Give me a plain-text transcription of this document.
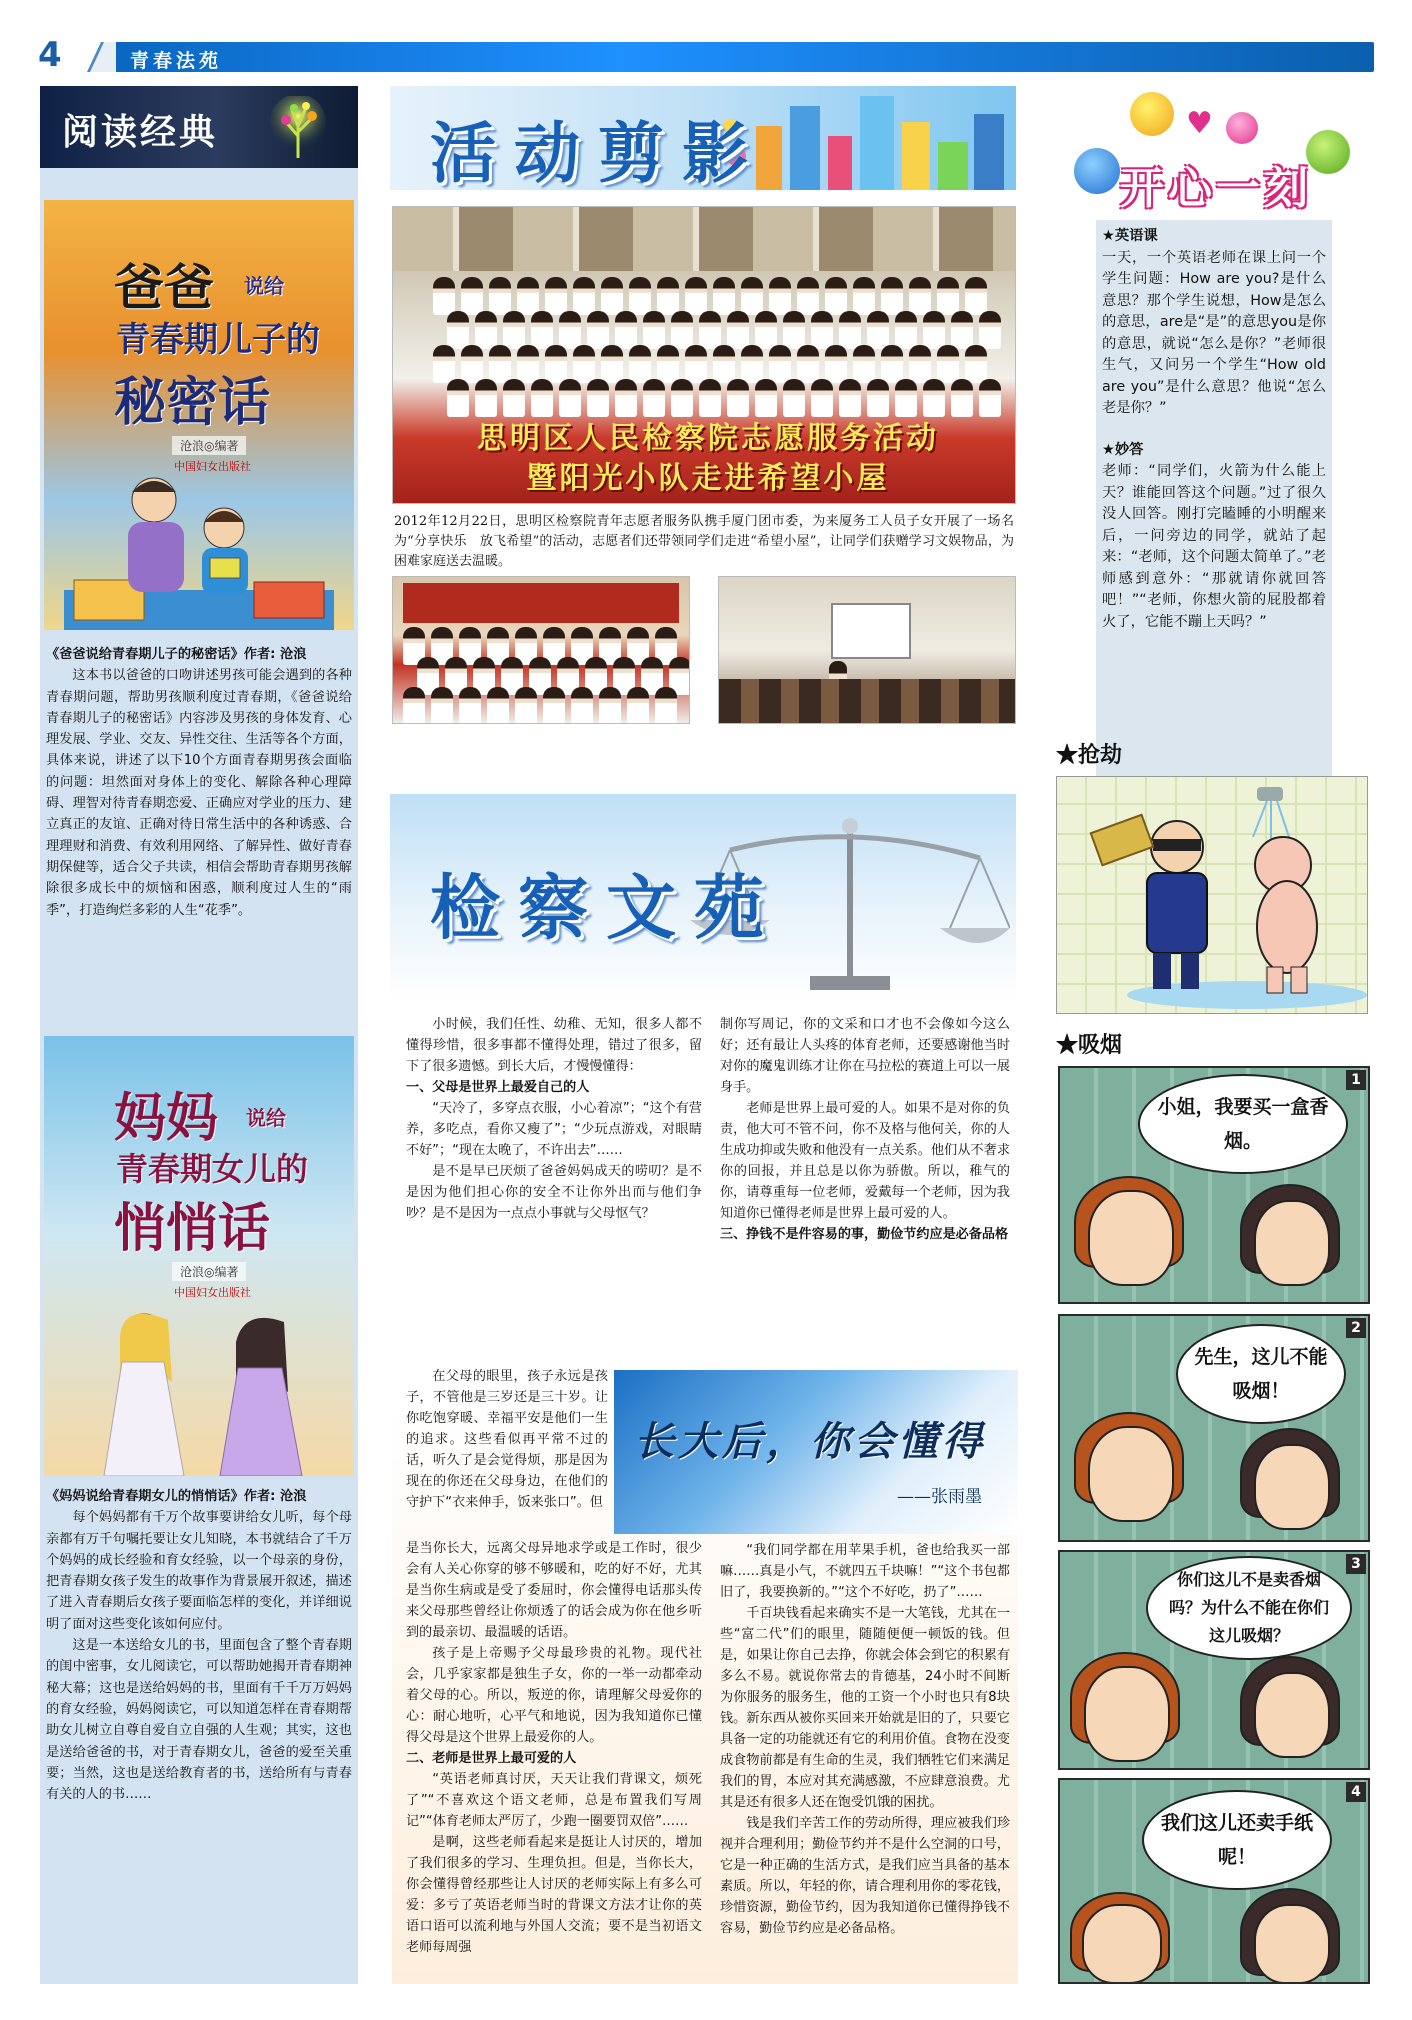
4	青春法苑
阅读经典
爸爸 说给
青春期儿子的
秘密话
沧浪◎编著
中国妇女出版社
《爸爸说给青春期儿子的秘密话》作者: 沧浪

这本书以爸爸的口吻讲述男孩可能会遇到的各种青春期问题，帮助男孩顺利度过青春期，《爸爸说给青春期儿子的秘密话》内容涉及男孩的身体发育、心理发展、学业、交友、异性交往、生活等各个方面，具体来说，讲述了以下10个方面青春期男孩会面临的问题：坦然面对身体上的变化、解除各种心理障碍、理智对待青春期恋爱、正确应对学业的压力、建立真正的友谊、正确对待日常生活中的各种诱惑、合理理财和消费、有效利用网络、了解异性、做好青春期保健等，适合父子共读，相信会帮助青春期男孩解除很多成长中的烦恼和困惑，顺利度过人生的“雨季”，打造绚烂多彩的人生“花季”。

妈妈 说给
青春期女儿的
悄悄话
沧浪◎编著
中国妇女出版社
《妈妈说给青春期女儿的悄悄话》作者: 沧浪

每个妈妈都有千万个故事要讲给女儿听，每个母亲都有万千句嘱托要让女儿知晓，本书就结合了千万个妈妈的成长经验和育女经验，以一个母亲的身份，把青春期女孩子发生的故事作为背景展开叙述，描述了进入青春期后女孩子要面临怎样的变化，并详细说明了面对这些变化该如何应付。

这是一本送给女儿的书，里面包含了整个青春期的闺中密事，女儿阅读它，可以帮助她揭开青春期神秘大幕；这也是送给妈妈的书，里面有千千万万妈妈的育女经验，妈妈阅读它，可以知道怎样在青春期帮助女儿树立自尊自爱自立自强的人生观；其实，这也是送给爸爸的书，对于青春期女儿，爸爸的爱至关重要；当然，这也是送给教育者的书，送给所有与青春有关的人的书……

活动剪影
思明区人民检察院志愿服务活动
暨阳光小队走进希望小屋
2012年12月22日，思明区检察院青年志愿者服务队携手厦门团市委，为来厦务工人员子女开展了一场名为“分享快乐　放飞希望”的活动，志愿者们还带领同学们走进“希望小屋”，让同学们获赠学习文娱物品，为困难家庭送去温暖。
检察文苑

小时候，我们任性、幼稚、无知，很多人都不懂得珍惜，很多事都不懂得处理，错过了很多，留下了很多遗憾。到长大后，才慢慢懂得：

一、父母是世界上最爱自己的人

“天冷了，多穿点衣服，小心着凉”；“这个有营养，多吃点，看你又瘦了”；“少玩点游戏，对眼睛不好”；“现在太晚了，不许出去”……

是不是早已厌烦了爸爸妈妈成天的唠叨？是不是因为他们担心你的安全不让你外出而与他们争吵？是不是因为一点点小事就与父母怄气？

在父母的眼里，孩子永远是孩子，不管他是三岁还是三十岁。让你吃饱穿暖、幸福平安是他们一生的追求。这些看似再平常不过的话，听久了是会觉得烦，那是因为现在的你还在父母身边，在他们的守护下“衣来伸手，饭来张口”。但

是当你长大，远离父母异地求学或是工作时，很少会有人关心你穿的够不够暖和，吃的好不好，尤其是当你生病或是受了委屈时，你会懂得电话那头传来父母那些曾经让你烦透了的话会成为你在他乡听到的最亲切、最温暖的话语。

孩子是上帝赐予父母最珍贵的礼物。现代社会，几乎家家都是独生子女，你的一举一动都牵动着父母的心。所以，叛逆的你，请理解父母爱你的心：耐心地听，心平气和地说，因为我知道你已懂得父母是这个世界上最爱你的人。

二、老师是世界上最可爱的人

“英语老师真讨厌，天天让我们背课文，烦死了”“不喜欢这个语文老师，总是布置我们写周记”“体育老师太严厉了，少跑一圈要罚双倍”……

是啊，这些老师看起来是挺让人讨厌的，增加了我们很多的学习、生理负担。但是，当你长大，你会懂得曾经那些让人讨厌的老师实际上有多么可爱：多亏了英语老师当时的背课文方法才让你的英语口语可以流利地与外国人交流；要不是当初语文老师每周强

制你写周记，你的文采和口才也不会像如今这么好；还有最让人头疼的体育老师，还要感谢他当时对你的魔鬼训练才让你在马拉松的赛道上可以一展身手。

老师是世界上最可爱的人。如果不是对你的负责，他大可不管不问，你不及格与他何关，你的人生成功抑或失败和他没有一点关系。他们从不奢求你的回报，并且总是以你为骄傲。所以，稚气的你，请尊重每一位老师，爱戴每一个老师，因为我知道你已懂得老师是世界上最可爱的人。

三、挣钱不是件容易的事，勤俭节约应是必备品格

长大后，你会懂得
——张雨墨

“我们同学都在用苹果手机，爸也给我买一部嘛……真是小气，不就四五千块嘛！”“这个书包都旧了，我要换新的。”“这个不好吃，扔了”……

千百块钱看起来确实不是一大笔钱，尤其在一些“富二代”们的眼里，随随便便一顿饭的钱。但是，如果让你自己去挣，你就会体会到它的积累有多么不易。就说你常去的肯德基，24小时不间断为你服务的服务生，他的工资一个小时也只有8块钱。新东西从被你买回来开始就是旧的了，只要它具备一定的功能就还有它的利用价值。食物在没变成食物前都是有生命的生灵，我们牺牲它们来满足我们的胃，本应对其充满感激，不应肆意浪费。尤其是还有很多人还在饱受饥饿的困扰。

钱是我们辛苦工作的劳动所得，理应被我们珍视并合理利用；勤俭节约并不是什么空洞的口号，它是一种正确的生活方式，是我们应当具备的基本素质。所以，年轻的你，请合理利用你的零花钱，珍惜资源，勤俭节约，因为我知道你已懂得挣钱不容易，勤俭节约应是必备品格。

♥
开心一刻
★英语课
一天，一个英语老师在课上问一个学生问题：How are you?是什么意思？那个学生说想，How是怎么的意思，are是“是”的意思you是你的意思，就说“怎么是你？”老师很生气，又问另一个学生“How old are you”是什么意思？他说“怎么老是你？”
★妙答
老师：“同学们，火箭为什么能上天？谁能回答这个问题。”过了很久没人回答。刚打完瞌睡的小明醒来后，一问旁边的同学，就站了起来：“老师，这个问题太简单了。”老师感到意外：“那就请你就回答吧！”“老师，你想火箭的屁股都着火了，它能不蹦上天吗？”
★抢劫
★吸烟
1
小姐，我要买一盒香烟。
2
先生，这儿不能吸烟！
3
你们这儿不是卖香烟吗？为什么不能在你们这儿吸烟？
4
我们这儿还卖手纸呢！
